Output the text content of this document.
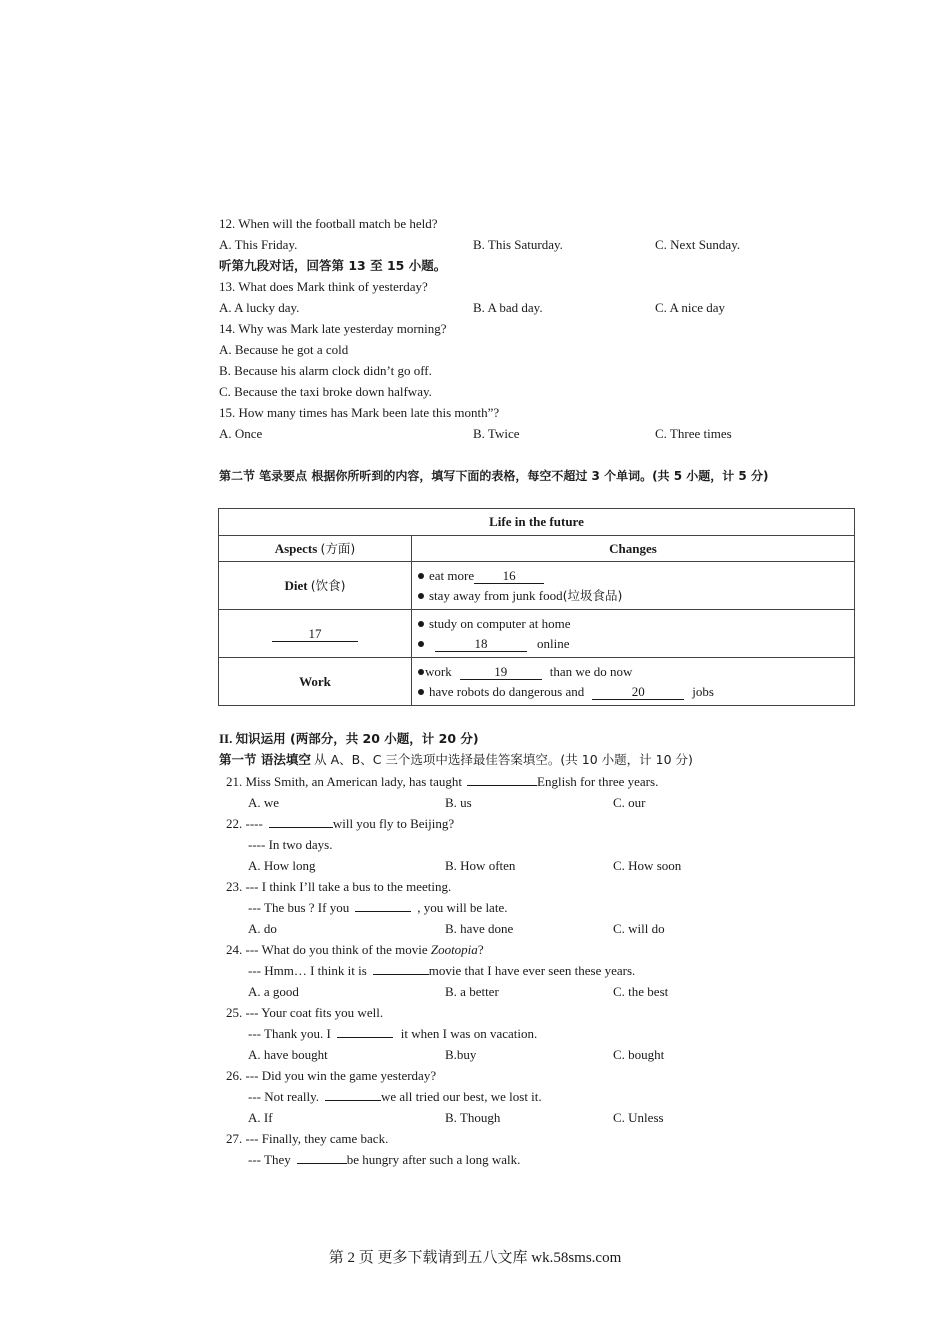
12. When will the football match be held?
A. This Friday.	B. This Saturday.	C. Next Sunday.
听第九段对话，回答第 13 至 15 小题。
13. What does Mark think of yesterday?
A. A lucky day.	B. A bad day.	C. A nice day
14. Why was Mark late yesterday morning?
A. Because he got a cold
B. Because his alarm clock didn’t go off.
C. Because the taxi broke down halfway.
15. How many times has Mark been late this month”?
A. Once	B. Twice	C. Three times
第二节 笔录要点 根据你所听到的内容，填写下面的表格，每空不超过 3 个单词。(共 5 小题，计 5 分)
Life in the future	
Aspects (方面)	Changes
Diet (饮食)	eat more 16
stay away from junk food(垃圾食品)

17	study on computer at home
18 online

Work	work 19 than we do now
have robots do dangerous and 20 jobs
II. 知识运用 (两部分，共 20 小题，计 20 分)
第一节 语法填空 从 A、B、C 三个选项中选择最佳答案填空。(共 10 小题，计 10 分)
21. Miss Smith, an American lady, has taught	English for three years.
A. we	B. us	C. our
22. ----	will you fly to Beijing?
---- In two days.
A. How long	B. How often	C. How soon
23. --- I think I’ll take a bus to the meeting.
--- The bus ? If you	, you will be late.
A. do	B. have done	C. will do
24. --- What do you think of the movie Zootopia?
--- Hmm… I think it is	movie that I have ever seen these years.
A. a good	B. a better	C. the best
25. --- Your coat fits you well.
--- Thank you. I	it when I was on vacation.
A. have bought	B.buy	C. bought
26. --- Did you win the game yesterday?
--- Not really.	we all tried our best, we lost it.
A. If	B. Though	C. Unless
27. --- Finally, they came back.
--- They	be hungry after such a long walk.
第 2 页 更多下载请到五八文库 wk.58sms.com
